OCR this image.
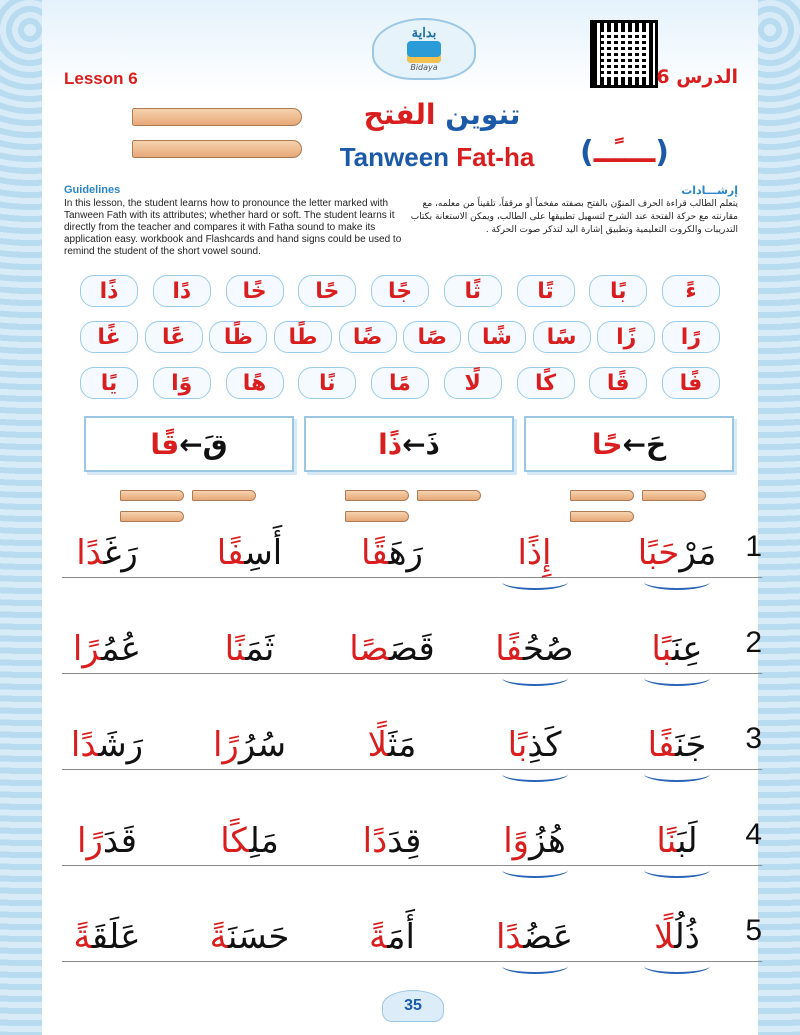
بداية
Bidaya
Lesson 6	الدرس 6
تنوين الفتح
Tanween Fat-ha	(ــــًــ)
Guidelines
In this lesson, the student learns how to pronounce the letter marked with Tanween Fath with its attributes; whether hard or soft. The student learns it directly from the teacher and compares it with Fatha sound to make its application easy. workbook and Flashcards and hand signs could be used to remind the student of the short vowel sound.
إرشـــادات
يتعلم الطالب قراءة الحرف المنوّن بالفتح بصفته مفخماً أو مرققاً، تلقيناً من معلمه، مع مقارنته مع حركة الفتحة عند الشرح لتسهيل تطبيقها على الطالب، ويمكن الاستعانة بكتاب التدريبات والكروت التعليمية وتطبيق إشارة اليد لتذكر صوت الحركة .
ءً
بًا
تًا
ثًا
جًا
حًا
خًا
دًا
ذًا
رًا
زًا
سًا
شًا
صًا
ضًا
طًا
ظًا
عًا
غًا
فًا
قًا
كًا
لًا
مًا
نًا
هًا
وًا
يًا
حَ
←
حًا
ذَ
←
ذًا
قَ
←
قًا

1
مَرْحَبًا
إِذًا
رَهَقًا
أَسِفًا
رَغَدًا
2
عِنَبًا
صُحُفًا
قَصَصًا
ثَمَنًا
عُمُرًا
3
جَنَفًا
كَذِبًا
مَثَلًا
سُرُرًا
رَشَدًا
4
لَبَنًا
هُزُوًا
قِدَدًا
مَلِكًا
قَدَرًا
5
ذُلُلًا
عَضُدًا
أَمَةً
حَسَنَةً
عَلَقَةً
35
